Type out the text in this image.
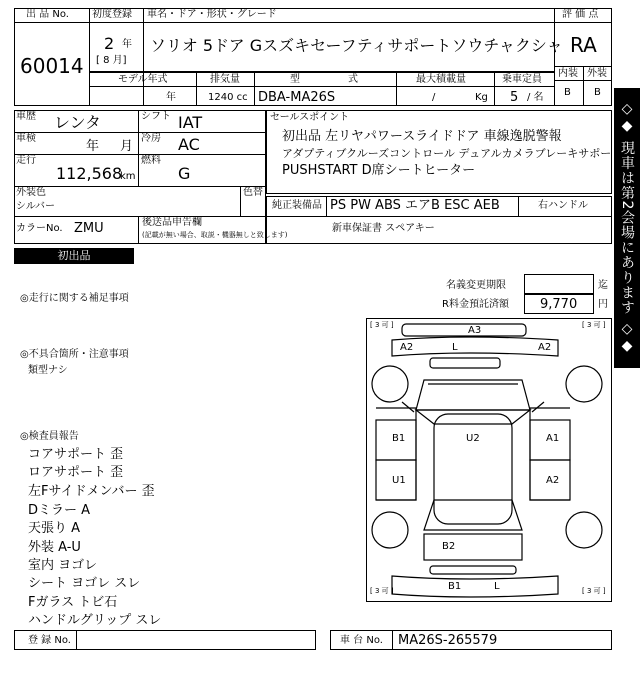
出 品 No.
60014
初度登録 車名・ドア・形状・グレード
2 年
[ 8 月]
ソリオ 5ドア Gスズキセーフティサポートソウチャクシャ
評 価 点
RA
内装 外装
B B
モデル年式
年
排気量
1240 cc
型	式
DBA-MA26S
最大積載量
/	Kg
乗車定員
5 / 名
◇◆ 現車は第2会場にあります ◇◆
車歴 レンタ	シフト IAT
車検
年 月
冷房 AC
走行
112,568
km
燃料
G
外装色
シルバー
色替
カラーNo. ZMU	後送品申告欄
(記載が無い場合、取説・機器無しと致します)
セールスポイント
初出品 左リヤパワースライドドア 車線逸脱警報
アダプティブクルーズコントロール デュアルカメラブレーキサポート
PUSHSTART D席シートヒーター
純正装備品 PS PW ABS エアB ESC AEB	右ハンドル
新車保証書 スペアキー
初出品
名義変更期限	迄
R料金預託済額 9,770 円
◎走行に関する補足事項
◎不具合箇所・注意事項
類型ナシ
◎検査員報告
コアサポート 歪
ロアサポート 歪
左Fサイドメンバー 歪
Dミラー A
天張り A
外装 A-U
室内 ヨゴレ
シート ヨゴレ スレ
Fガラス トビ石
ハンドルグリップ スレ
[ 3 可 ]	[ 3 可 ]
[ 3 可 ]	[ 3 可 ]
A3
A2	L	A2
B1	U2	A1
U1	A2
B2
B1	L
登 録 No.	車 台 No. MA26S-265579
